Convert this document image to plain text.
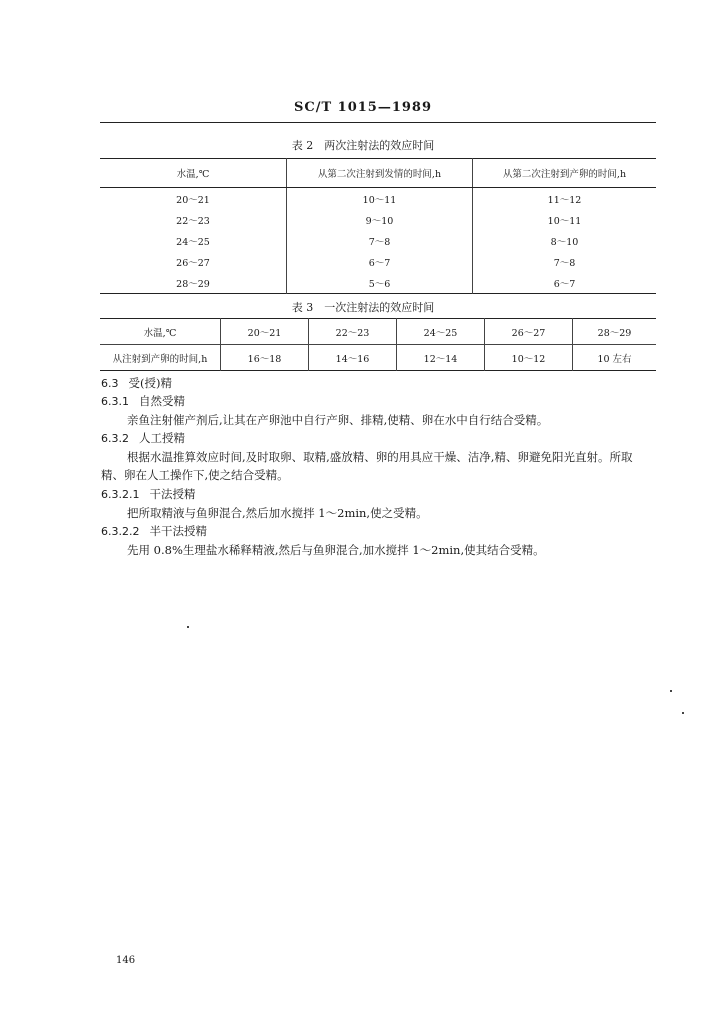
SC/T 1015—1989
表 2　两次注射法的效应时间
水温,℃	从第二次注射到发情的时间,h	从第二次注射到产卵的时间,h
20～21	10～11	11～12
22～23	9～10	10～11
24～25	7～8	8～10
26～27	6～7	7～8
28～29	5～6	6～7
表 3　一次注射法的效应时间
水温,℃	20～21	22～23	24～25	26～27	28～29
从注射到产卵的时间,h	16～18	14～16	12～14	10～12	10 左右
6.3 受(授)精
6.3.1 自然受精
亲鱼注射催产剂后,让其在产卵池中自行产卵、排精,使精、卵在水中自行结合受精。
6.3.2 人工授精
根据水温推算效应时间,及时取卵、取精,盛放精、卵的用具应干燥、洁净,精、卵避免阳光直射。所取
精、卵在人工操作下,使之结合受精。
6.3.2.1 干法授精
把所取精液与鱼卵混合,然后加水搅拌 1～2min,使之受精。
6.3.2.2 半干法授精
先用 0.8%生理盐水稀释精液,然后与鱼卵混合,加水搅拌 1～2min,使其结合受精。
146
